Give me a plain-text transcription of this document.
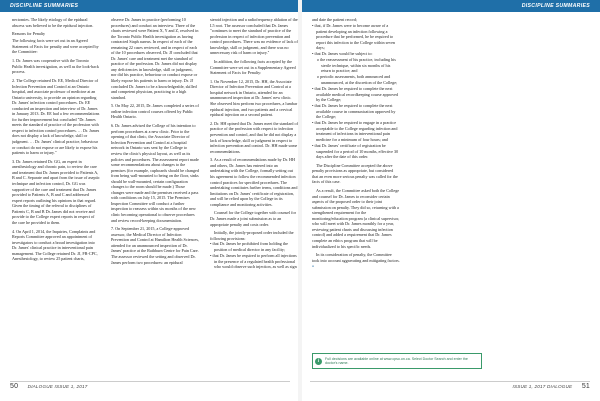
DISCIPLINE SUMMARIES	DISCIPLINE SUMMARIES

nectomies. The likely etiology of the epidural abscess was believed to be the epidural injection.

Reasons for Penalty

The following facts were set out in an Agreed Statement of Facts for penalty and were accepted by the Committee:

1. Dr. James was cooperative with the Toronto Public Health investigation, as well as the look-back process.

2. The College retained Dr. EE, Medical Director of Infection Prevention and Control at an Ontario hospital, and associate professor of medicine at an Ontario university, to provide an opinion regarding Dr. James' infection control procedures. Dr. EE conducted an inspection and interview of Dr. James in January 2013. Dr. EE had a few recommendations for further improvement but concluded "Dr. James meets the standard of practice of the profession with respect to infection control procedures. … Dr. James does not display a lack of knowledge, skill or judgment. … Dr. James' clinical practice, behaviour or conduct do not expose or are likely to expose his patients to harm or injury."

3. Dr. James retained Dr. GG, an expert in anesthesiology and chronic pain, to review the care and treatment that Dr. James provided to Patients A, B and C. Separate and apart from the issue of aseptic technique and infection control, Dr. GG was supportive of the care and treatment that Dr. James provided to Patients A, B and C and addressed expert reports outlining his opinions in that regard. Given the timing of the referral to disciplines of Patients C, B and B Dr. James did not receive and provide to the College expert reports in respect of the care he provided to them.

4. On April 1, 2014, the Inquiries, Complaints and Reports Committee approved an appointment of investigators to conduct a broad investigation into Dr. James' clinical practice in interventional pain management. The College retained Dr. JJ, FR-CPC, Anesthesiology, to review 25 patient charts,

observe Dr. James in practice (performing 10 procedures) and conduct an interview. Three of the charts reviewed were Patient X, Y and Z, resolved in the Toronto Public Health investigation as having contracted Staph aureus. In respect of each of the remaining 22 cases reviewed, and in respect of each of the 10 procedures observed, Dr. JJ concluded that Dr. James' care and treatment met the standard of practice of the profession. Dr. James did not display any deficiencies in knowledge, skill or judgment, nor did his practice, behaviour or conduct expose or likely expose his patients to harm or injury. Dr. JJ concluded Dr. James to be a knowledgeable, skilled and competent physician, practicing to a high standard.

5. On May 22, 2015, Dr. James completed a series of online infection control courses offered by Public Health Ontario.

6. Dr. James advised the College of his intention to perform procedures at a new clinic. Prior to the opening of that clinic, the Associate Director of Infection Prevention and Control at a hospital network in Ontario was sent by the College to review the clinic's physical layout, as well as its policies and procedures. The assessment report made some recommendations about changes to the premises (for example, cupboards should be changed from being wall-mounted to being on the floor, sinks should be wall-mounted, certain configuration changes to the room should be made.) Those changes were made and the premises received a pass with conditions on July 15, 2015. The Premises Inspection Committee will conduct a further inspection to reassess within six months of the new clinic becoming operational to observe procedures and review record-keeping documentation.

7. On September 21, 2015, a College-approved assessor, the Medical Director of Infection Prevention and Control at Hamilton Health Sciences, attended for an unannounced inspection of Dr. James' practice at the Rathburn Centre for Pain Care. The assessor reviewed the setting and observed Dr. James perform two procedures: an epidural

steroid injection and a radiofrequency ablation of the L5 root. The assessor concluded that Dr. James "continues to meet the standard of practice of the profession in respect of infection prevention and control procedures. There was no evidence of lack of knowledge, skill or judgment, and there was no unnecessary risk of harm or injury."

In addition, the following facts accepted by the Committee were set out in a Supplementary Agreed Statement of Facts for Penalty:

1. On November 12, 2015, Dr. HH, the Associate Director of Infection Prevention and Control at a hospital network in Ontario, attended for an unannounced inspection at Dr. James' new clinic. She observed him perform two procedures, a lumbar epidural injection, and two patients and a cervical epidural injection on a second patient.

2. Dr. HH opined that Dr. James meet the standard of practice of the profession with respect to infection prevention and control, and that he did not display a lack of knowledge, skill or judgment in respect to infection prevention and control. Dr. HH made some recommendations.

3. As a result of recommendations made by Dr. HH and others, Dr. James has entered into an undertaking with the College, formally setting out his agreement to follow the recommended infection control practices for specified procedures. The undertaking constitutes further terms, conditions and limitations on Dr. James' certificate of registration, and will be relied upon by the College in its compliance and monitoring activities.

Counsel for the College together with counsel for Dr. James made a joint submission as to an appropriate penalty and costs order.

Initially, the jointly-proposed order included the following provisions:

• that Dr. James be prohibited from holding the position of medical director in any facility;

• that Dr. James be required to perform all injections in the presence of a regulated health professional who would observe such injection, as well as sign

and date the patient record;

• that, if Dr. James were to become aware of a patient developing an infection following a procedure that he performed, he be required to report this infection to the College within seven days;

• that Dr. James would be subject to:

o the reassessment of his practice, including his sterile technique, within six months of his return to practice; and

o periodic assessments, both announced and unannounced, at the discretion of the College;

• that Dr. James be required to complete the next available medical recordkeeping course approved by the College;

• that Dr. James be required to complete the next available course in communication approved by the College;

• that Dr. James be required to engage in a practice acceptable to the College regarding infection and treatment of infections in interventional pain medicine for a minimum of four hours; and

• that Dr. James' certificate of registration be suspended for a period of 10 months, effective 30 days after the date of this order.

The Discipline Committee accepted the above penalty provisions as appropriate, but considered that an even more serious penalty was called for the facts of this case.

As a result, the Committee asked both the College and counsel for Dr. James to reconsider certain aspects of the proposed order to their joint submission on penalty. They did so, returning with a strengthened requirement for the monitoring/education program (a clinical supervisor, who will meet with Dr. James monthly for a year, reviewing patient charts and discussing infection control) and added a requirement that Dr. James complete an ethics program that will be individualized to his specific needs.

In its consideration of penalty, the Committee took into account aggravating and mitigating factors. »

i	Full decisions are available online at www.cpso.on.ca. Select Doctor Search and enter the doctor's name.
50 DIALOGUE ISSUE 1, 2017	ISSUE 1, 2017 DIALOGUE 51
